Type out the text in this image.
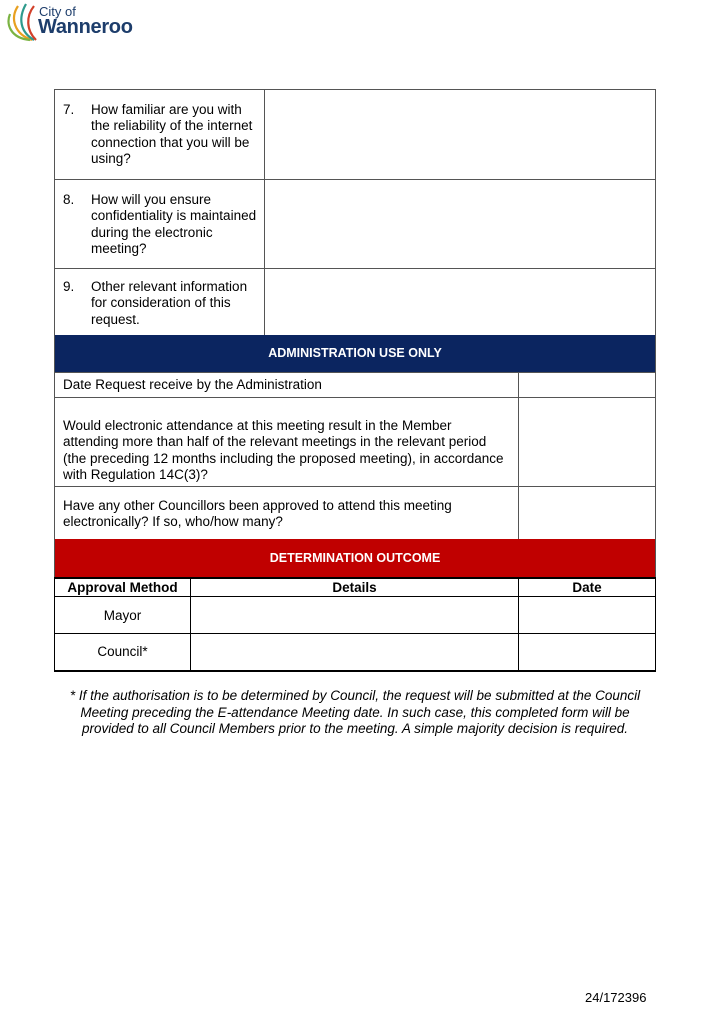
City of
Wanneroo
7. How familiar are you with the reliability of the internet connection that you will be using?	

8. How will you ensure confidentiality is maintained during the electronic meeting?	

9. Other relevant information for consideration of this request.	

ADMINISTRATION USE ONLY
Date Request receive by the Administration	
Would electronic attendance at this meeting result in the Member attending more than half of the relevant meetings in the relevant period (the preceding 12 months including the proposed meeting), in accordance with Regulation 14C(3)?	
Have any other Councillors been approved to attend this meeting electronically? If so, who/how many?	
DETERMINATION OUTCOME
Approval Method	Details	Date
Mayor		
Council*		
* If the authorisation is to be determined by Council, the request will be submitted at the Council Meeting preceding the E-attendance Meeting date. In such case, this completed form will be provided to all Council Members prior to the meeting. A simple majority decision is required.
24/172396
